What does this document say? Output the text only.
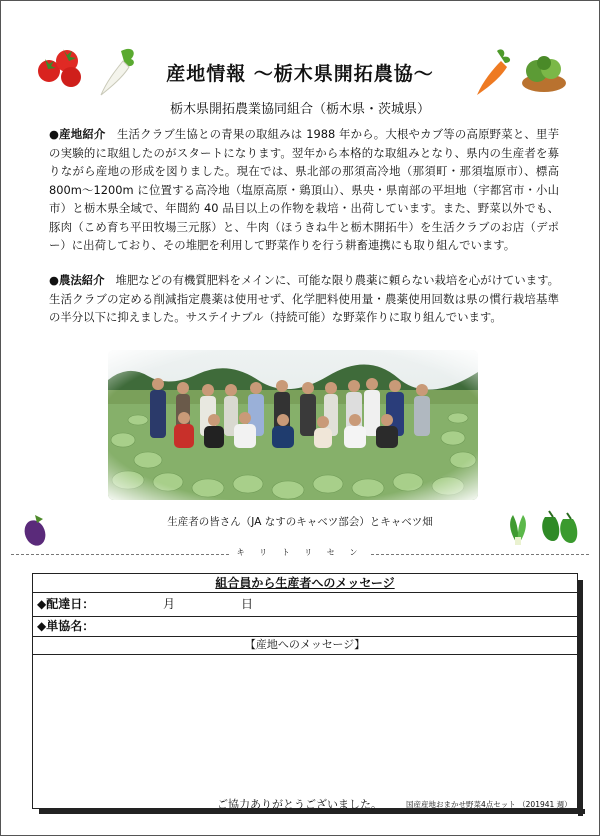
産地情報 〜栃木県開拓農協〜
栃木県開拓農業協同組合（栃木県・茨城県）
●産地紹介 生活クラブ生協との青果の取組みは 1988 年から。大根やカブ等の高原野菜と、里芋の実験的に取組したのがスタートになります。翌年から本格的な取組みとなり、県内の生産者を募りながら産地の形成を図りました。現在では、県北部の那須高冷地（那須町・那須塩原市）、標高 800m〜1200m に位置する高冷地（塩原高原・鶏頂山）、県央・県南部の平坦地（宇都宮市・小山市）と栃木県全域で、年間約 40 品目以上の作物を栽培・出荷しています。また、野菜以外でも、豚肉（こめ育ち平田牧場三元豚）と、牛肉（ほうきね牛と栃木開拓牛）を生活クラブのお店（デポー）に出荷しており、その堆肥を利用して野菜作りを行う耕畜連携にも取り組んでいます。
●農法紹介 堆肥などの有機質肥料をメインに、可能な限り農薬に頼らない栽培を心がけています。生活クラブの定める削減指定農薬は使用せず、化学肥料使用量・農薬使用回数は県の慣行栽培基準の半分以下に抑えました。サステイナブル（持続可能）な野菜作りに取り組んでいます。
生産者の皆さん（JA なすのキャベツ部会）とキャベツ畑
キ リ ト リ セ ン
組合員から生産者へのメッセージ
◆配達日：	月	日
◆単協名：
【産地へのメッセージ】
ご協力ありがとうございました。	国産産地おまかせ野菜4点セット （201941 週）
